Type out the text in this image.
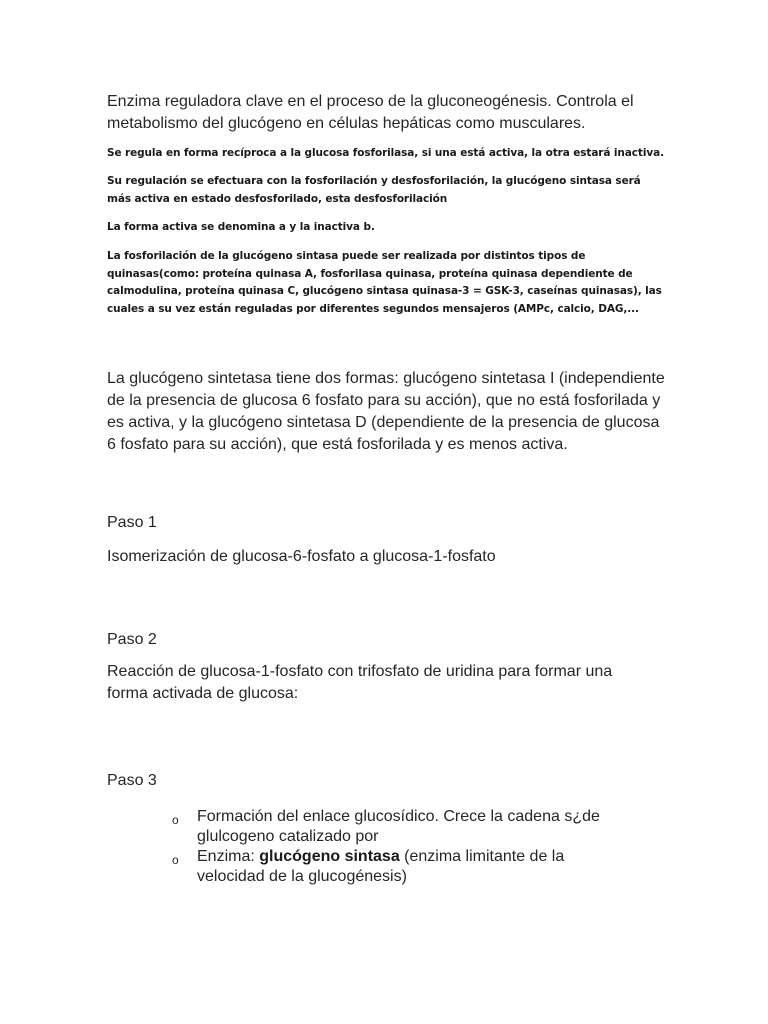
Enzima reguladora clave en el proceso de la gluconeogénesis. Controla el metabolismo del glucógeno en células hepáticas como musculares.

Se regula en forma recíproca a la glucosa fosforilasa, si una está activa, la otra estará inactiva.

Su regulación se efectuara con la fosforilación y desfosforilación, la glucógeno sintasa será más activa en estado desfosforilado, esta desfosforilación

La forma activa se denomina a y la inactiva b.

La fosforilación de la glucógeno sintasa puede ser realizada por distintos tipos de quinasas(como: proteína quinasa A, fosforilasa quinasa, proteína quinasa dependiente de calmodulina, proteína quinasa C, glucógeno sintasa quinasa-3 = GSK-3, caseínas quinasas), las cuales a su vez están reguladas por diferentes segundos mensajeros (AMPc, calcio, DAG,...

La glucógeno sintetasa tiene dos formas: glucógeno sintetasa I (independiente de la presencia de glucosa 6 fosfato para su acción), que no está fosforilada y es activa, y la glucógeno sintetasa D (dependiente de la presencia de glucosa 6 fosfato para su acción), que está fosforilada y es menos activa.

Paso 1

Isomerización de glucosa-6-fosfato a glucosa-1-fosfato

Paso 2

Reacción de glucosa-1-fosfato con trifosfato de uridina para formar una forma activada de glucosa:

Paso 3

o Formación del enlace glucosídico. Crece la cadena s¿de glulcogeno catalizado por
o Enzima: glucógeno sintasa (enzima limitante de la velocidad de la glucogénesis)
